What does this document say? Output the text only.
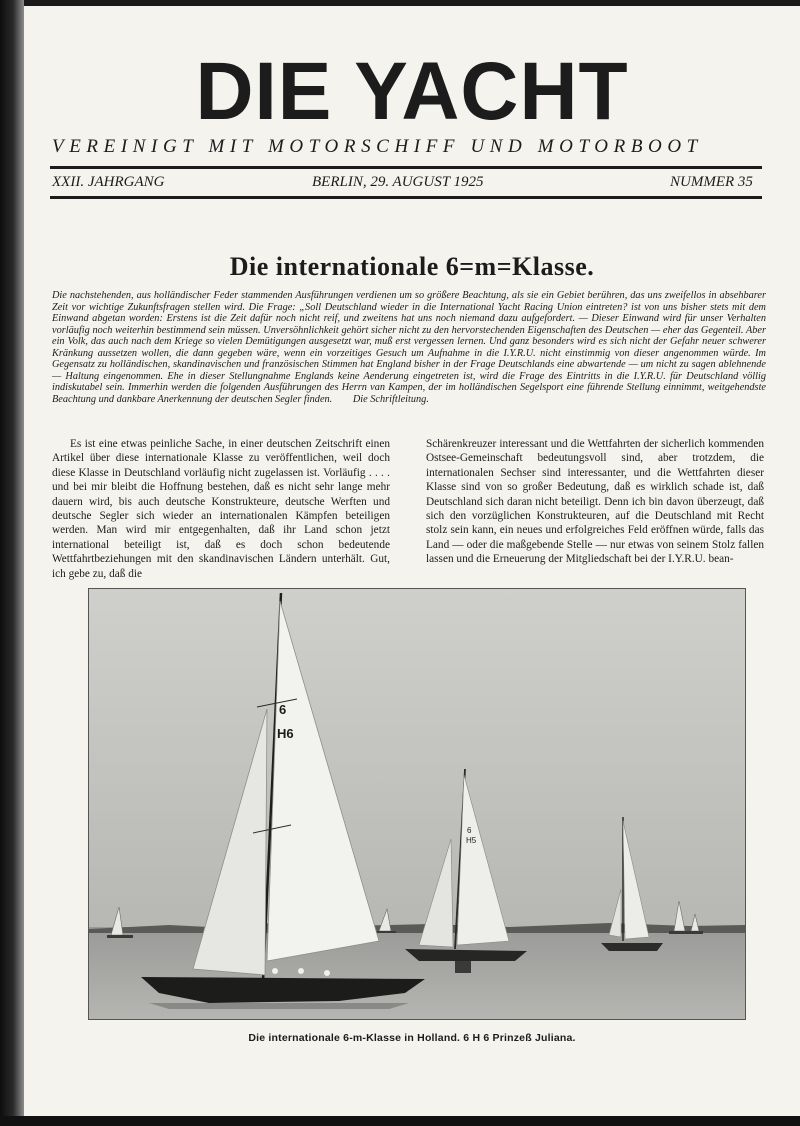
DIE YACHT
VEREINIGT MIT MOTORSCHIFF UND MOTORBOOT
XXII. JAHRGANG	BERLIN, 29. AUGUST 1925	NUMMER 35
Die internationale 6=m=Klasse.

Die nachstehenden, aus holländischer Feder stammenden Ausführungen verdienen um so größere Beachtung, als sie ein Gebiet berühren, das uns zweifellos in absehbarer Zeit vor wichtige Zukunftsfragen stellen wird. Die Frage: „Soll Deutschland wieder in die International Yacht Racing Union eintreten? ist von uns bisher stets mit dem Einwand abgetan worden: Erstens ist die Zeit dafür noch nicht reif, und zweitens hat uns noch niemand dazu aufgefordert. — Dieser Einwand wird für unser Verhalten vorläufig noch weiterhin bestimmend sein müssen. Unversöhnlichkeit gehört sicher nicht zu den hervorstechenden Eigenschaften des Deutschen — eher das Gegenteil. Aber ein Volk, das auch nach dem Kriege so vielen Demütigungen ausgesetzt war, muß erst vergessen lernen. Und ganz besonders wird es sich nicht der Gefahr neuer schwerer Kränkung aussetzen wollen, die dann gegeben wäre, wenn ein vorzeitiges Gesuch um Aufnahme in die I.Y.R.U. nicht einstimmig von dieser angenommen würde. Im Gegensatz zu holländischen, skandinavischen und französischen Stimmen hat England bisher in der Frage Deutschlands eine abwartende — um nicht zu sagen ablehnende — Haltung eingenommen. Ehe in dieser Stellungnahme Englands keine Aenderung eingetreten ist, wird die Frage des Eintritts in die I.Y.R.U. für Deutschland völlig indiskutabel sein. Immerhin werden die folgenden Ausführungen des Herrn van Kampen, der im holländischen Segelsport eine führende Stellung einnimmt, weitgehendste Beachtung und dankbare Anerkennung der deutschen Segler finden. Die Schriftleitung.

Es ist eine etwas peinliche Sache, in einer deutschen Zeitschrift einen Artikel über diese internationale Klasse zu veröffentlichen, weil doch diese Klasse in Deutschland vorläufig nicht zugelassen ist. Vorläufig . . . . und bei mir bleibt die Hoffnung bestehen, daß es nicht sehr lange mehr dauern wird, bis auch deutsche Konstrukteure, deutsche Werften und deutsche Segler sich wieder an internationalen Kämpfen beteiligen werden. Man wird mir entgegenhalten, daß ihr Land schon jetzt international beteiligt ist, daß es doch schon bedeutende Wettfahrtbeziehungen mit den skandinavischen Ländern unterhält. Gut, ich gebe zu, daß die

Schärenkreuzer interessant und die Wettfahrten der sicherlich kommenden Ostsee-Gemeinschaft bedeutungsvoll sind, aber trotzdem, die internationalen Sechser sind interessanter, und die Wettfahrten dieser Klasse sind von so großer Bedeutung, daß es wirklich schade ist, daß Deutschland sich daran nicht beteiligt. Denn ich bin davon überzeugt, daß sich den vorzüglichen Konstrukteuren, auf die Deutschland mit Recht stolz sein kann, ein neues und erfolgreiches Feld eröffnen würde, falls das Land — oder die maßgebende Stelle — nur etwas von seinem Stolz fallen lassen und die Erneuerung der Mitgliedschaft bei der I.Y.R.U. bean-

6
H5
6
H6
Die internationale 6-m-Klasse in Holland. 6 H 6 Prinzeß Juliana.
